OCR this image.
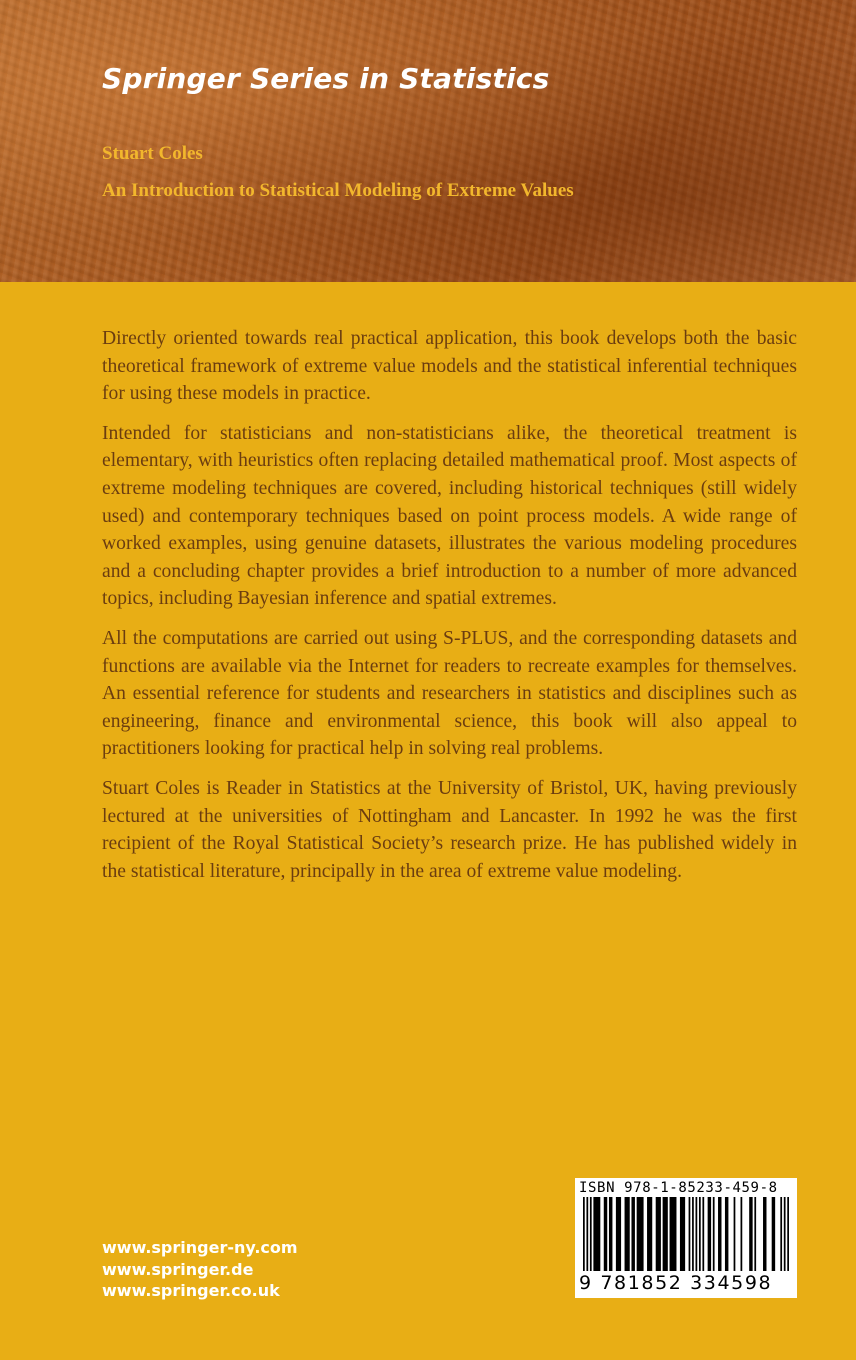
Springer Series in Statistics
Stuart Coles
An Introduction to Statistical Modeling of Extreme Values

Directly oriented towards real practical application, this book develops both the basic theoretical framework of extreme value models and the statistical inferential techniques for using these models in practice.

Intended for statisticians and non-statisticians alike, the theoretical treatment is elementary, with heuristics often replacing detailed mathematical proof. Most aspects of extreme modeling techniques are covered, including historical techniques (still widely used) and contemporary techniques based on point process models. A wide range of worked examples, using genuine datasets, illustrates the various modeling procedures and a concluding chapter provides a brief introduction to a number of more advanced topics, including Bayesian inference and spatial extremes.

All the computations are carried out using S-PLUS, and the corresponding datasets and functions are available via the Internet for readers to recreate examples for themselves. An essential reference for students and researchers in statistics and disciplines such as engineering, finance and environmental science, this book will also appeal to practitioners looking for practical help in solving real problems.

Stuart Coles is Reader in Statistics at the University of Bristol, UK, having previously lectured at the universities of Nottingham and Lancaster. In 1992 he was the first recipient of the Royal Statistical Society’s research prize. He has published widely in the statistical literature, principally in the area of extreme value modeling.

www.springer-ny.com
www.springer.de
www.springer.co.uk
ISBN 978-1-85233-459-8
9 781852 334598
